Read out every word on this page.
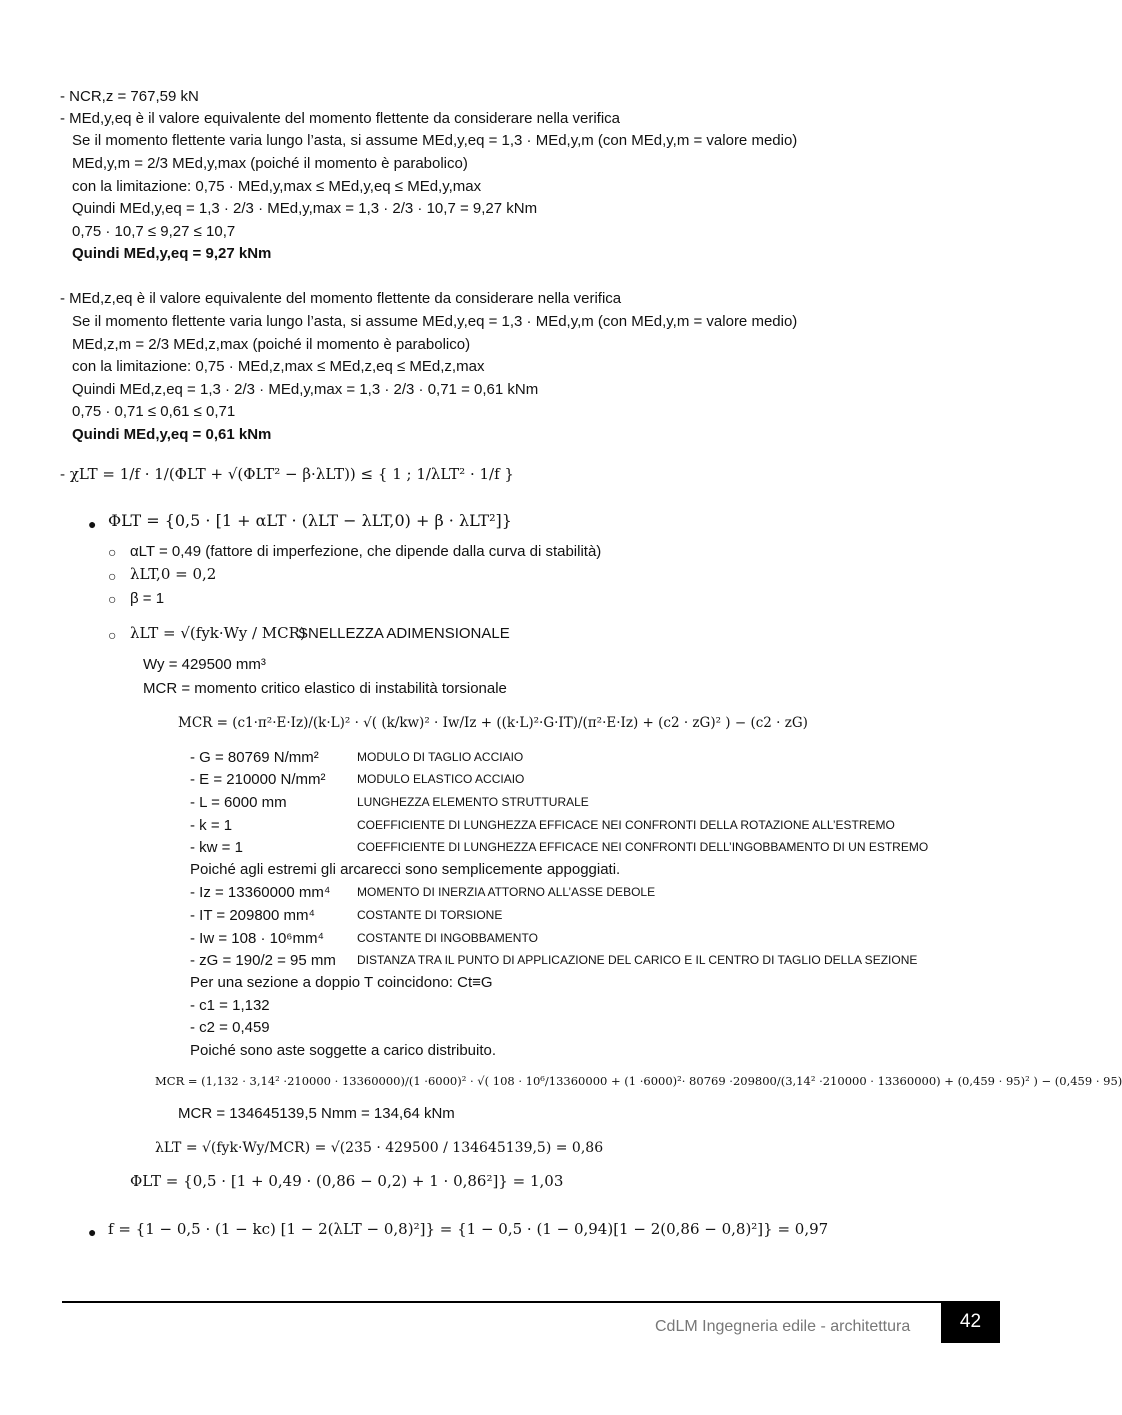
- NCR,z = 767,59 kN
- MEd,y,eq è il valore equivalente del momento flettente da considerare nella verifica
Se il momento flettente varia lungo l’asta, si assume MEd,y,eq = 1,3 · MEd,y,m (con MEd,y,m = valore medio)
MEd,y,m = 2/3 MEd,y,max (poiché il momento è parabolico)
con la limitazione: 0,75 · MEd,y,max ≤ MEd,y,eq ≤ MEd,y,max
Quindi MEd,y,eq = 1,3 · 2/3 · MEd,y,max = 1,3 · 2/3 · 10,7 = 9,27 kNm
0,75 · 10,7 ≤ 9,27 ≤ 10,7
Quindi MEd,y,eq = 9,27 kNm
- MEd,z,eq è il valore equivalente del momento flettente da considerare nella verifica
Se il momento flettente varia lungo l’asta, si assume MEd,y,eq = 1,3 · MEd,y,m (con MEd,y,m = valore medio)
MEd,z,m = 2/3 MEd,z,max (poiché il momento è parabolico)
con la limitazione: 0,75 · MEd,z,max ≤ MEd,z,eq ≤ MEd,z,max
Quindi MEd,z,eq = 1,3 · 2/3 · MEd,y,max = 1,3 · 2/3 · 0,71 = 0,61 kNm
0,75 · 0,71 ≤ 0,61 ≤ 0,71
Quindi MEd,y,eq = 0,61 kNm
- χLT = 1/f · 1/(ΦLT + √(ΦLT² − β·λLT)) ≤ { 1 ; 1/λLT² · 1/f }
● ΦLT = {0,5 · [1 + αLT · (λLT − λLT,0) + β · λLT²]}
○ αLT = 0,49 (fattore di imperfezione, che dipende dalla curva di stabilità)
○ λLT,0 = 0,2
○ β = 1
○ λLT = √(fyk·Wy / MCR)
SNELLEZZA ADIMENSIONALE
Wy = 429500 mm³
MCR = momento critico elastico di instabilità torsionale
MCR = (c1·π²·E·Iz)/(k·L)² · √( (k/kw)² · Iw/Iz + ((k·L)²·G·IT)/(π²·E·Iz) + (c2 · zG)² ) − (c2 · zG)
- G = 80769 N/mm²	MODULO DI TAGLIO ACCIAIO
- E = 210000 N/mm²	MODULO ELASTICO ACCIAIO
- L = 6000 mm	LUNGHEZZA ELEMENTO STRUTTURALE
- k = 1	COEFFICIENTE DI LUNGHEZZA EFFICACE NEI CONFRONTI DELLA ROTAZIONE ALL’ESTREMO
- kw = 1	COEFFICIENTE DI LUNGHEZZA EFFICACE NEI CONFRONTI DELL’INGOBBAMENTO DI UN ESTREMO
Poiché agli estremi gli arcarecci sono semplicemente appoggiati.
- Iz = 13360000 mm⁴ MOMENTO DI INERZIA ATTORNO ALL’ASSE DEBOLE
- IT = 209800 mm⁴	COSTANTE DI TORSIONE
- Iw = 108 · 10⁶mm⁴	COSTANTE DI INGOBBAMENTO
- zG = 190/2 = 95 mm DISTANZA TRA IL PUNTO DI APPLICAZIONE DEL CARICO E IL CENTRO DI TAGLIO DELLA SEZIONE
Per una sezione a doppio T coincidono: Ct≡G
- c1 = 1,132
- c2 = 0,459
Poiché sono aste soggette a carico distribuito.
MCR = (1,132 · 3,14² ·210000 · 13360000)/(1 ·6000)² · √( 108 · 10⁶/13360000 + (1 ·6000)²· 80769 ·209800/(3,14² ·210000 · 13360000) + (0,459 · 95)² ) − (0,459 · 95)
MCR = 134645139,5 Nmm = 134,64 kNm
λLT = √(fyk·Wy/MCR) = √(235 · 429500 / 134645139,5) = 0,86
ΦLT = {0,5 · [1 + 0,49 · (0,86 − 0,2) + 1 · 0,86²]} = 1,03
● f = {1 − 0,5 · (1 − kc) [1 − 2(λLT − 0,8)²]} = {1 − 0,5 · (1 − 0,94)[1 − 2(0,86 − 0,8)²]} = 0,97
CdLM Ingegneria edile - architettura	42
